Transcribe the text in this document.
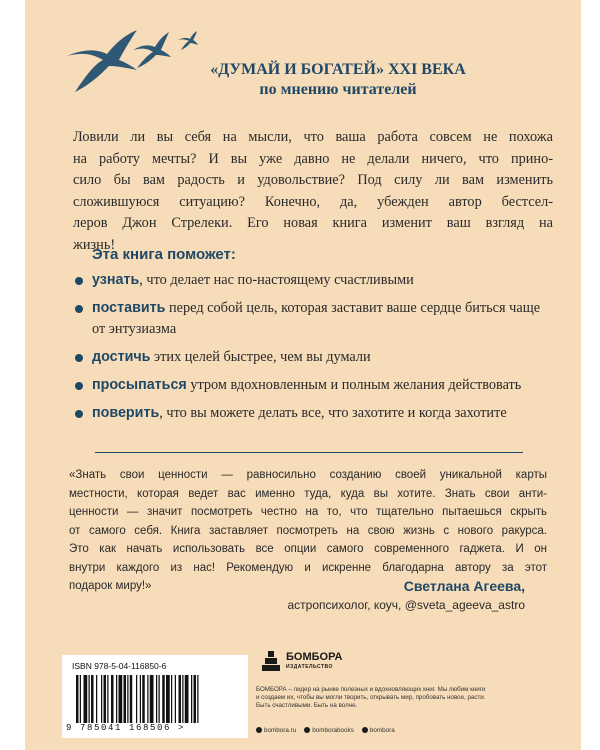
«ДУМАЙ И БОГАТЕЙ» XXI ВЕКА
по мнению читателей
Ловили ли вы себя на мысли, что ваша работа совсем не похожа
на работу мечты? И вы уже давно не делали ничего, что прино-
сило бы вам радость и удовольствие? Под силу ли вам изменить
сложившуюся ситуацию? Конечно, да, убежден автор бестсел-
леров Джон Стрелеки. Его новая книга изменит ваш взгляд на
жизнь!
Эта книга поможет:
узнать, что делает нас по-настоящему счастливыми
поставить перед собой цель, которая заставит ваше сердце биться чаще от энтузиазма
достичь этих целей быстрее, чем вы думали
просыпаться утром вдохновленным и полным желания действовать
поверить, что вы можете делать все, что захотите и когда захотите
«Знать свои ценности — равносильно созданию своей уникальной карты
местности, которая ведет вас именно туда, куда вы хотите. Знать свои анти-
ценности — значит посмотреть честно на то, что тщательно пытаешься скрыть
от самого себя. Книга заставляет посмотреть на свою жизнь с нового ракурса.
Это как начать использовать все опции самого современного гаджета. И он
внутри каждого из нас! Рекомендую и искренне благодарна автору за этот
подарок миру!»	Светлана Агеева,
астропсихолог, коуч, @sveta_ageeva_astro
ISBN 978-5-04-116850-6
9 785041 168506 >
БОМБОРА
ИЗДАТЕЛЬСТВО
БОМБОРА – лидер на рынке полезных и вдохновляющих книг. Мы любим книги и создаем их, чтобы вы могли творить, открывать мир, пробовать новое, расти. Быть счастливыми. Быть на волне.
bombora.ru	bomborabooks	bombora
